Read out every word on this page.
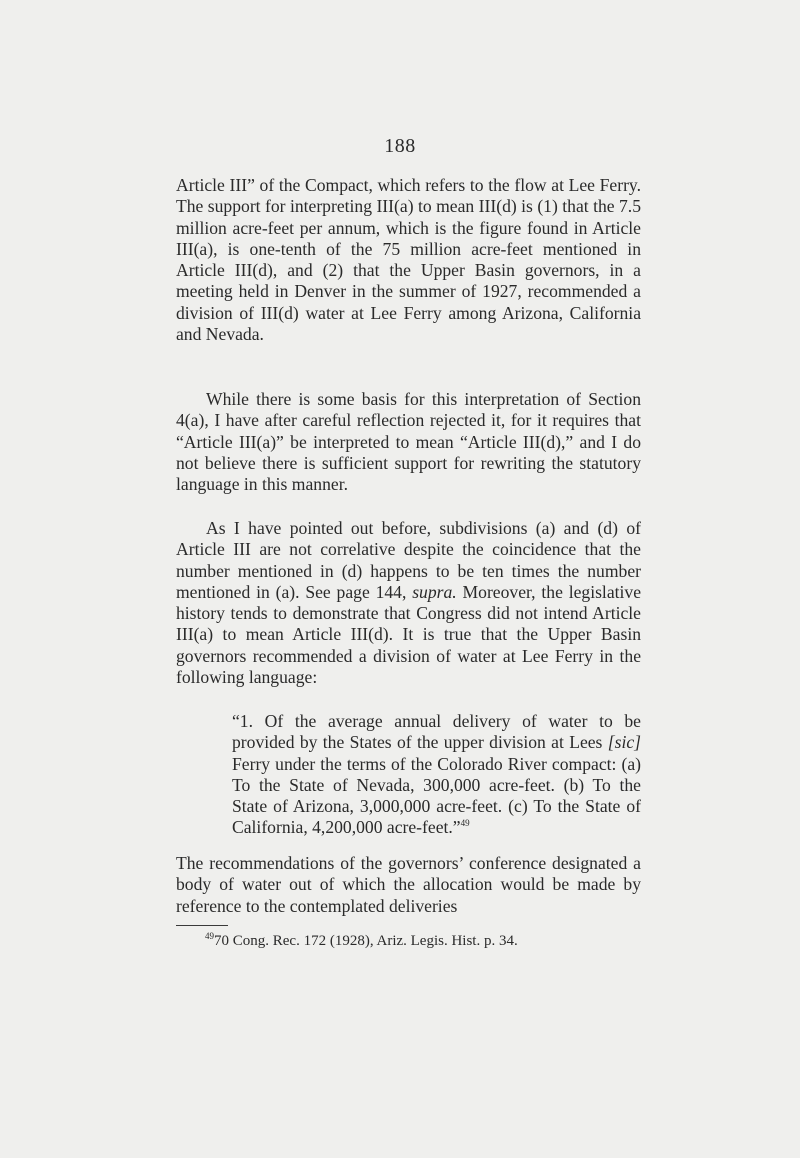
188

Article III” of the Compact, which refers to the flow at Lee Ferry. The support for interpreting III(a) to mean III(d) is (1) that the 7.5 million acre-feet per annum, which is the figure found in Article III(a), is one-tenth of the 75 million acre-feet mentioned in Article III(d), and (2) that the Upper Basin governors, in a meeting held in Denver in the summer of 1927, recommended a division of III(d) water at Lee Ferry among Arizona, California and Nevada.

While there is some basis for this interpretation of Section 4(a), I have after careful reflection rejected it, for it requires that “Article III(a)” be interpreted to mean “Article III(d),” and I do not believe there is sufficient support for rewriting the statutory language in this manner.

As I have pointed out before, subdivisions (a) and (d) of Article III are not correlative despite the coincidence that the number mentioned in (d) happens to be ten times the number mentioned in (a). See page 144, supra. Moreover, the legislative history tends to demonstrate that Congress did not intend Article III(a) to mean Article III(d). It is true that the Upper Basin governors recommended a division of water at Lee Ferry in the following language:

“1. Of the average annual delivery of water to be provided by the States of the upper division at Lees [sic] Ferry under the terms of the Colorado River compact: (a) To the State of Nevada, 300,000 acre-feet. (b) To the State of Arizona, 3,000,000 acre-feet. (c) To the State of California, 4,200,000 acre-feet.”$^{49}$

The recommendations of the governors’ conference designated a body of water out of which the allocation would be made by reference to the contemplated deliveries

$^{49}$70 Cong. Rec. 172 (1928), Ariz. Legis. Hist. p. 34.
